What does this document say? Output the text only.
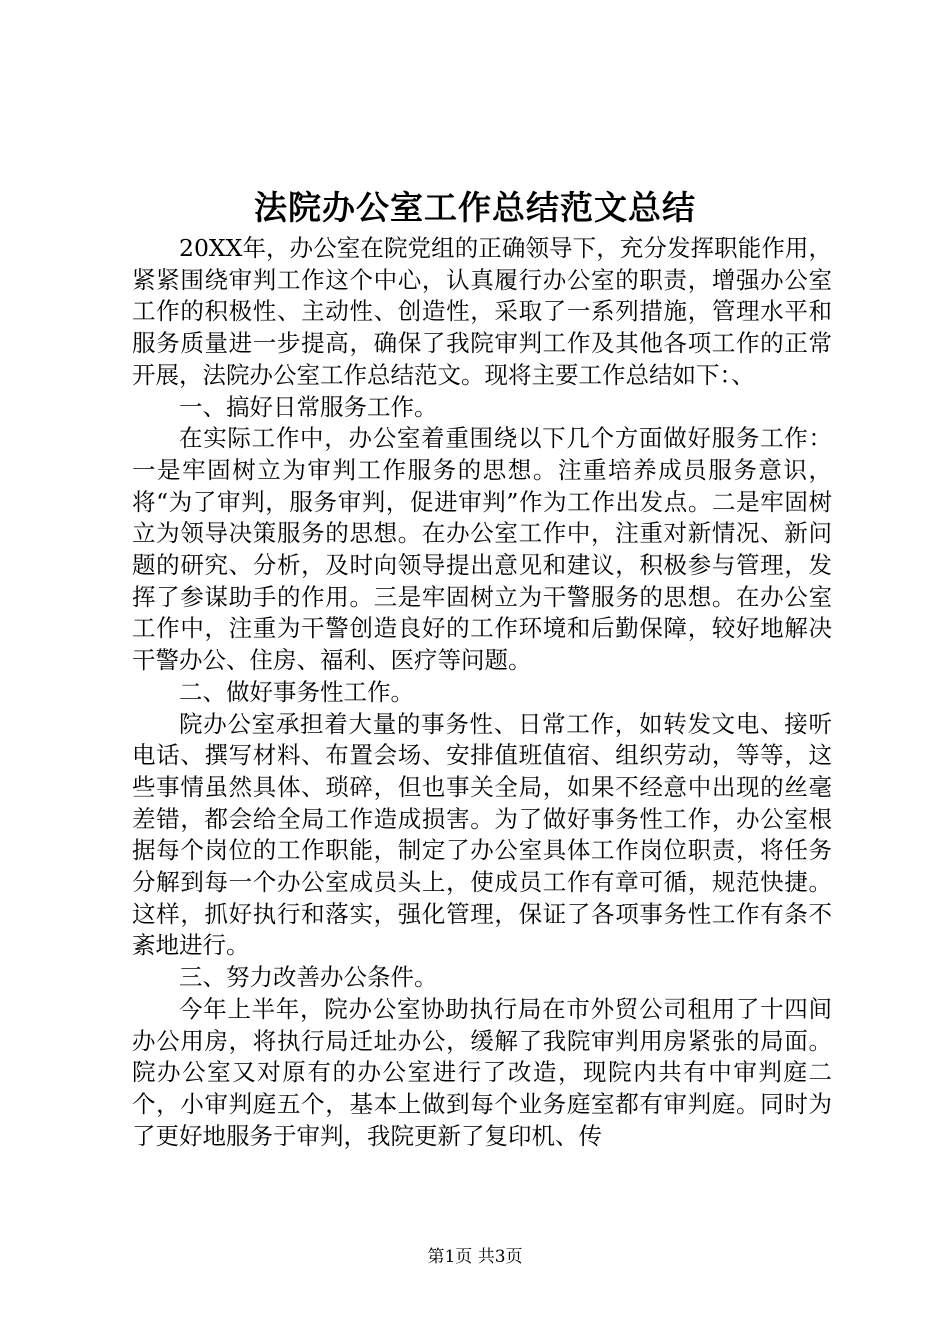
法院办公室工作总结范文总结

20XX年，办公室在院党组的正确领导下，充分发挥职能作用，紧紧围绕审判工作这个中心，认真履行办公室的职责，增强办公室工作的积极性、主动性、创造性，采取了一系列措施，管理水平和服务质量进一步提高，确保了我院审判工作及其他各项工作的正常开展，法院办公室工作总结范文。现将主要工作总结如下：、

一、搞好日常服务工作。

在实际工作中，办公室着重围绕以下几个方面做好服务工作：一是牢固树立为审判工作服务的思想。注重培养成员服务意识，将“为了审判，服务审判，促进审判”作为工作出发点。二是牢固树立为领导决策服务的思想。在办公室工作中，注重对新情况、新问题的研究、分析，及时向领导提出意见和建议，积极参与管理，发挥了参谋助手的作用。三是牢固树立为干警服务的思想。在办公室工作中，注重为干警创造良好的工作环境和后勤保障，较好地解决干警办公、住房、福利、医疗等问题。

二、做好事务性工作。

院办公室承担着大量的事务性、日常工作，如转发文电、接听电话、撰写材料、布置会场、安排值班值宿、组织劳动，等等，这些事情虽然具体、琐碎，但也事关全局，如果不经意中出现的丝毫差错，都会给全局工作造成损害。为了做好事务性工作，办公室根据每个岗位的工作职能，制定了办公室具体工作岗位职责，将任务分解到每一个办公室成员头上，使成员工作有章可循，规范快捷。这样，抓好执行和落实，强化管理，保证了各项事务性工作有条不紊地进行。

三、努力改善办公条件。

今年上半年，院办公室协助执行局在市外贸公司租用了十四间办公用房，将执行局迁址办公，缓解了我院审判用房紧张的局面。院办公室又对原有的办公室进行了改造，现院内共有中审判庭二个，小审判庭五个，基本上做到每个业务庭室都有审判庭。同时为了更好地服务于审判，我院更新了复印机、传

第1页 共3页
